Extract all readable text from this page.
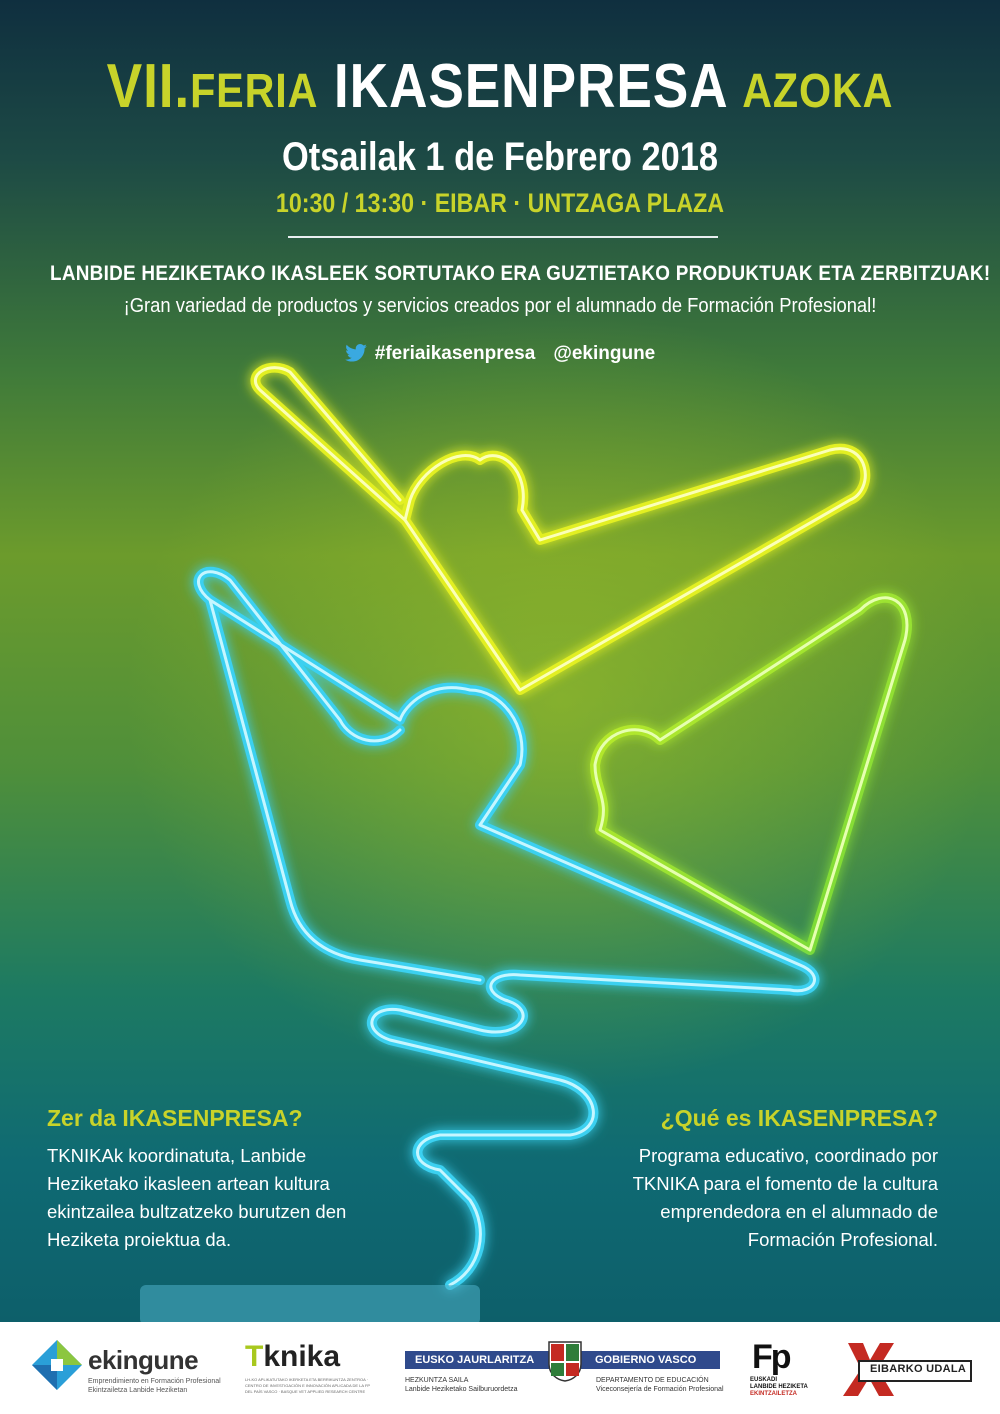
VII.FERIA IKASENPRESA AZOKA
Otsailak 1 de Febrero 2018
10:30 / 13:30 · EIBAR · UNTZAGA PLAZA
LANBIDE HEZIKETAKO IKASLEEK SORTUTAKO ERA GUZTIETAKO PRODUKTUAK ETA ZERBITZUAK!
¡Gran variedad de productos y servicios creados por el alumnado de Formación Profesional!
#feriaikasenpresa @ekingune
Zer da IKASENPRESA?
TKNIKAk koordinatuta, Lanbide
Heziketako ikasleen artean kultura
ekintzailea bultzatzeko burutzen den
Heziketa proiektua da.
¿Qué es IKASENPRESA?
Programa educativo, coordinado por
TKNIKA para el fomento de la cultura
emprendedora en el alumnado de
Formación Profesional.
ekingune
Emprendimiento en Formación Profesional
Ekintzailetza Lanbide Heziketan
Tknika
LH-KO APLIKATUTAKO IKERKETA ETA BERRIKUNTZA ZENTROA · CENTRO DE INVESTIGACIÓN E INNOVACIÓN APLICADA DE LA FP DEL PAÍS VASCO · BASQUE VET APPLIED RESEARCH CENTRE
EUSKO JAURLARITZA	GOBIERNO VASCO
HEZKUNTZA SAILA
Lanbide Heziketako Sailburuordetza
DEPARTAMENTO DE EDUCACIÓN
Viceconsejería de Formación Profesional
Fp
EUSKADI
LANBIDE HEZIKETA
EKINTZAILETZA
EIBARKO UDALA
